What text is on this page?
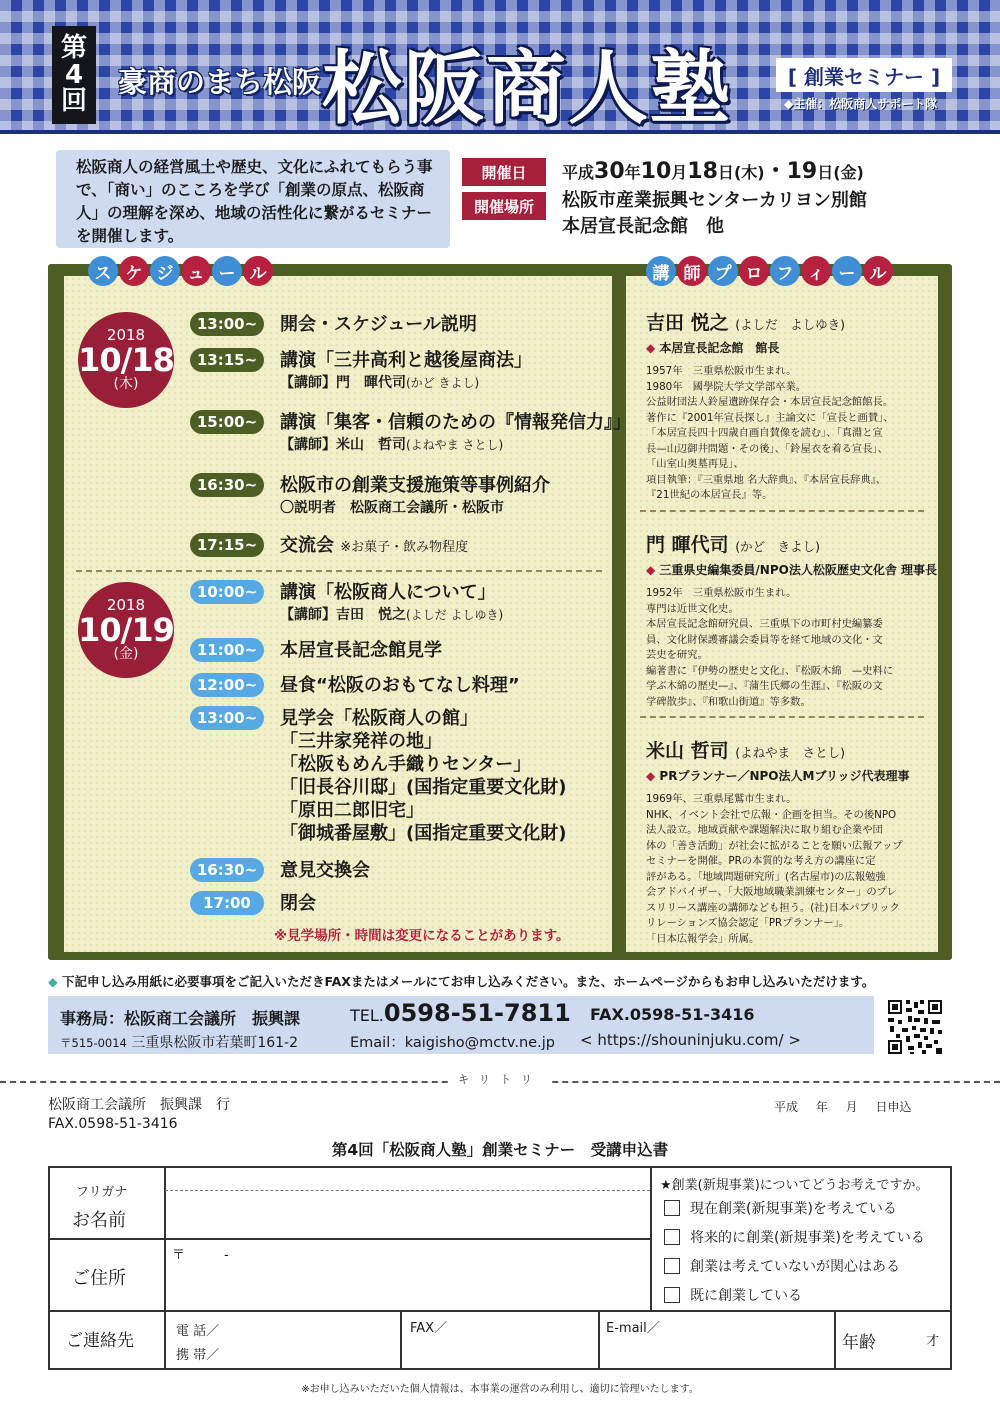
第
4
回
豪商のまち松阪 松阪商人塾	[ 創業セミナー ]
◆主催：松阪商人サポート隊
松阪商人の経営風土や歴史、文化にふれてもらう事で、「商い」のこころを学び「創業の原点、松阪商人」の理解を深め、地域の活性化に繋がるセミナーを開催します。
開催日
開催場所
平成30年10月18日(木)・19日(金)
松阪市産業振興センターカリヨン別館
本居宣長記念館　他
ス ケ ジ ュ ー ル	講 師 プ ロ フ ィ ー ル
2018
10/18
(木)
13:00~	開会・スケジュール説明
13:15~	講演「三井高利と越後屋商法」
【講師】門　暉代司(かど きよし)
15:00~	講演「集客・信頼のための『情報発信力』」
【講師】米山　哲司(よねやま さとし)
16:30~	松阪市の創業支援施策等事例紹介
〇説明者　松阪商工会議所・松阪市
17:15~	交流会 ※お菓子・飲み物程度
2018
10/19
(金)
10:00~	講演「松阪商人について」
【講師】吉田　悦之(よしだ よしゆき)
11:00~	本居宣長記念館見学
12:00~	昼食“松阪のおもてなし料理”
13:00~	見学会「松阪商人の館」
「三井家発祥の地」
「松阪もめん手織りセンター」
「旧長谷川邸」(国指定重要文化財)
「原田二郎旧宅」
「御城番屋敷」(国指定重要文化財)
16:30~	意見交換会
17:00	閉会
※見学場所・時間は変更になることがあります。
吉田 悦之 (よしだ　よしゆき)
◆ 本居宣長記念館　館長
1957年　三重県松阪市生まれ。
1980年　國學院大学文学部卒業。
公益財団法人鈴屋遺跡保存会・本居宣長記念館館長。
著作に『2001年宣長探し』主論文に「宣長と画賛」、
「本居宣長四十四歳自画自賛像を読む」、「真淵と宣
長—山辺御井問題・その後」、「鈴屋衣を着る宣長」、
「山室山奥墓再見」、
項目執筆：『三重県地 名大辞典』、『本居宣長辞典』、
『21世紀の本居宣長』等。
門 暉代司 (かど　きよし)
◆ 三重県史編集委員/NPO法人松阪歴史文化舎 理事長
1952年　三重県松阪市生まれ。
専門は近世文化史。
本居宣長記念館研究員、三重県下の市町村史編纂委
員、文化財保護審議会委員等を経て地域の文化・文
芸史を研究。
編著書に『伊勢の歴史と文化』、『松阪木綿　—史料に
学ぶ木綿の歴史—』、『蒲生氏郷の生涯』、『松阪の文
学碑散歩』、『和歌山街道』等多数。
米山 哲司 (よねやま　さとし)
◆ PRプランナー／NPO法人Mブリッジ代表理事
1969年、三重県尾鷲市生まれ。
NHK、イベント会社で広報・企画を担当。その後NPO
法人設立。地域貢献や課題解決に取り組む企業や団
体の「善き活動」が社会に拡がることを願い広報アップ
セミナーを開催。PRの本質的な考え方の講座に定
評がある。「地域問題研究所」(名古屋市)の広報勉強
会アドバイザー、「大阪地域職業訓練センター」のプレ
スリリース講座の講師なども担う。(社)日本パブリック
リレーションズ協会認定「PRプランナー」。
「日本広報学会」所属。
◆ 下記申し込み用紙に必要事項をご記入いただきFAXまたはメールにてお申し込みください。また、ホームページからもお申し込みいただけます。
事務局：松阪商工会議所　振興課	TEL.0598-51-7811 FAX.0598-51-3416
〒515-0014 三重県松阪市若葉町161-2	Email：kaigisho@mctv.ne.jp < https://shouninjuku.com/ >
キリトリ
松阪商工会議所　振興課　行
FAX.0598-51-3416
平成 年 月 日申込
第4回「松阪商人塾」創業セミナー　受講申込書
フリガナ
お名前
ご住所
〒　　　-
ご連絡先	電 話／
携 帯／
FAX／	E-mail／
年齢	才
★創業(新規事業)についてどうお考えですか。
現在創業(新規事業)を考えている
将来的に創業(新規事業)を考えている
創業は考えていないが関心はある
既に創業している
※お申し込みいただいた個人情報は、本事業の運営のみ利用し、適切に管理いたします。
